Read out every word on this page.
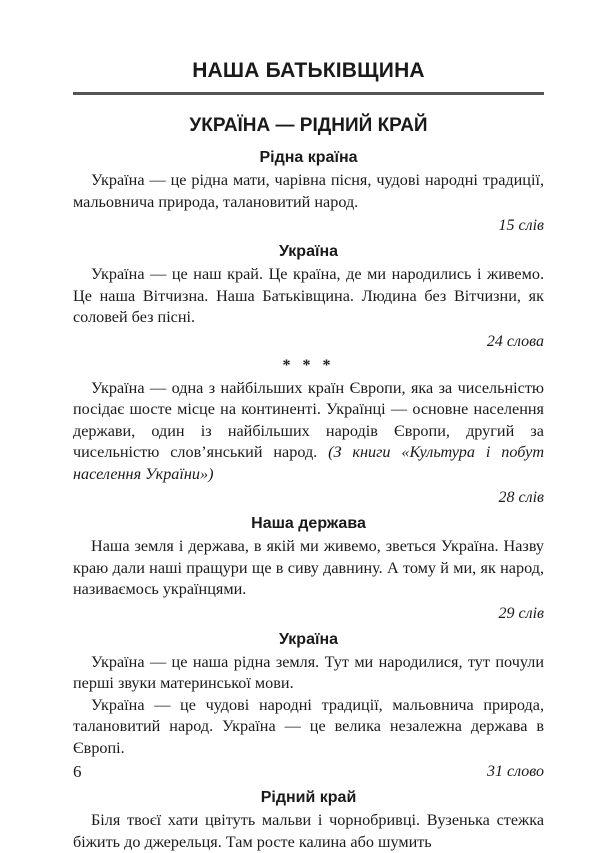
НАША БАТЬКІВЩИНА
УКРАЇНА — РІДНИЙ КРАЙ
Рідна країна

Україна — це рідна мати, чарівна пісня, чудові народні традиції, мальовнича природа, талановитий народ.

15 слів
Україна

Україна — це наш край. Це країна, де ми народились і живемо. Це наша Вітчизна. Наша Батьківщина. Людина без Вітчизни, як соловей без пісні.

24 слова
* * *

Україна — одна з найбільших країн Європи, яка за чисельністю посідає шосте місце на континенті. Українці — основне населення держави, один із найбільших народів Європи, другий за чисельністю слов’янський народ. (З книги «Культура і побут населення України»)

28 слів
Наша держава

Наша земля і держава, в якій ми живемо, зветься Україна. Назву краю дали наші пращури ще в сиву давнину. А тому й ми, як народ, називаємось українцями.

29 слів
Україна

Україна — це наша рідна земля. Тут ми народилися, тут почули перші звуки материнської мови.

Україна — це чудові народні традиції, мальовнича природа, талановитий народ. Україна — це велика незалежна держава в Європі.

31 слово
Рідний край

Біля твоєї хати цвітуть мальви і чорнобривці. Вузенька стежка біжить до джерельця. Там росте калина або шумить

6
